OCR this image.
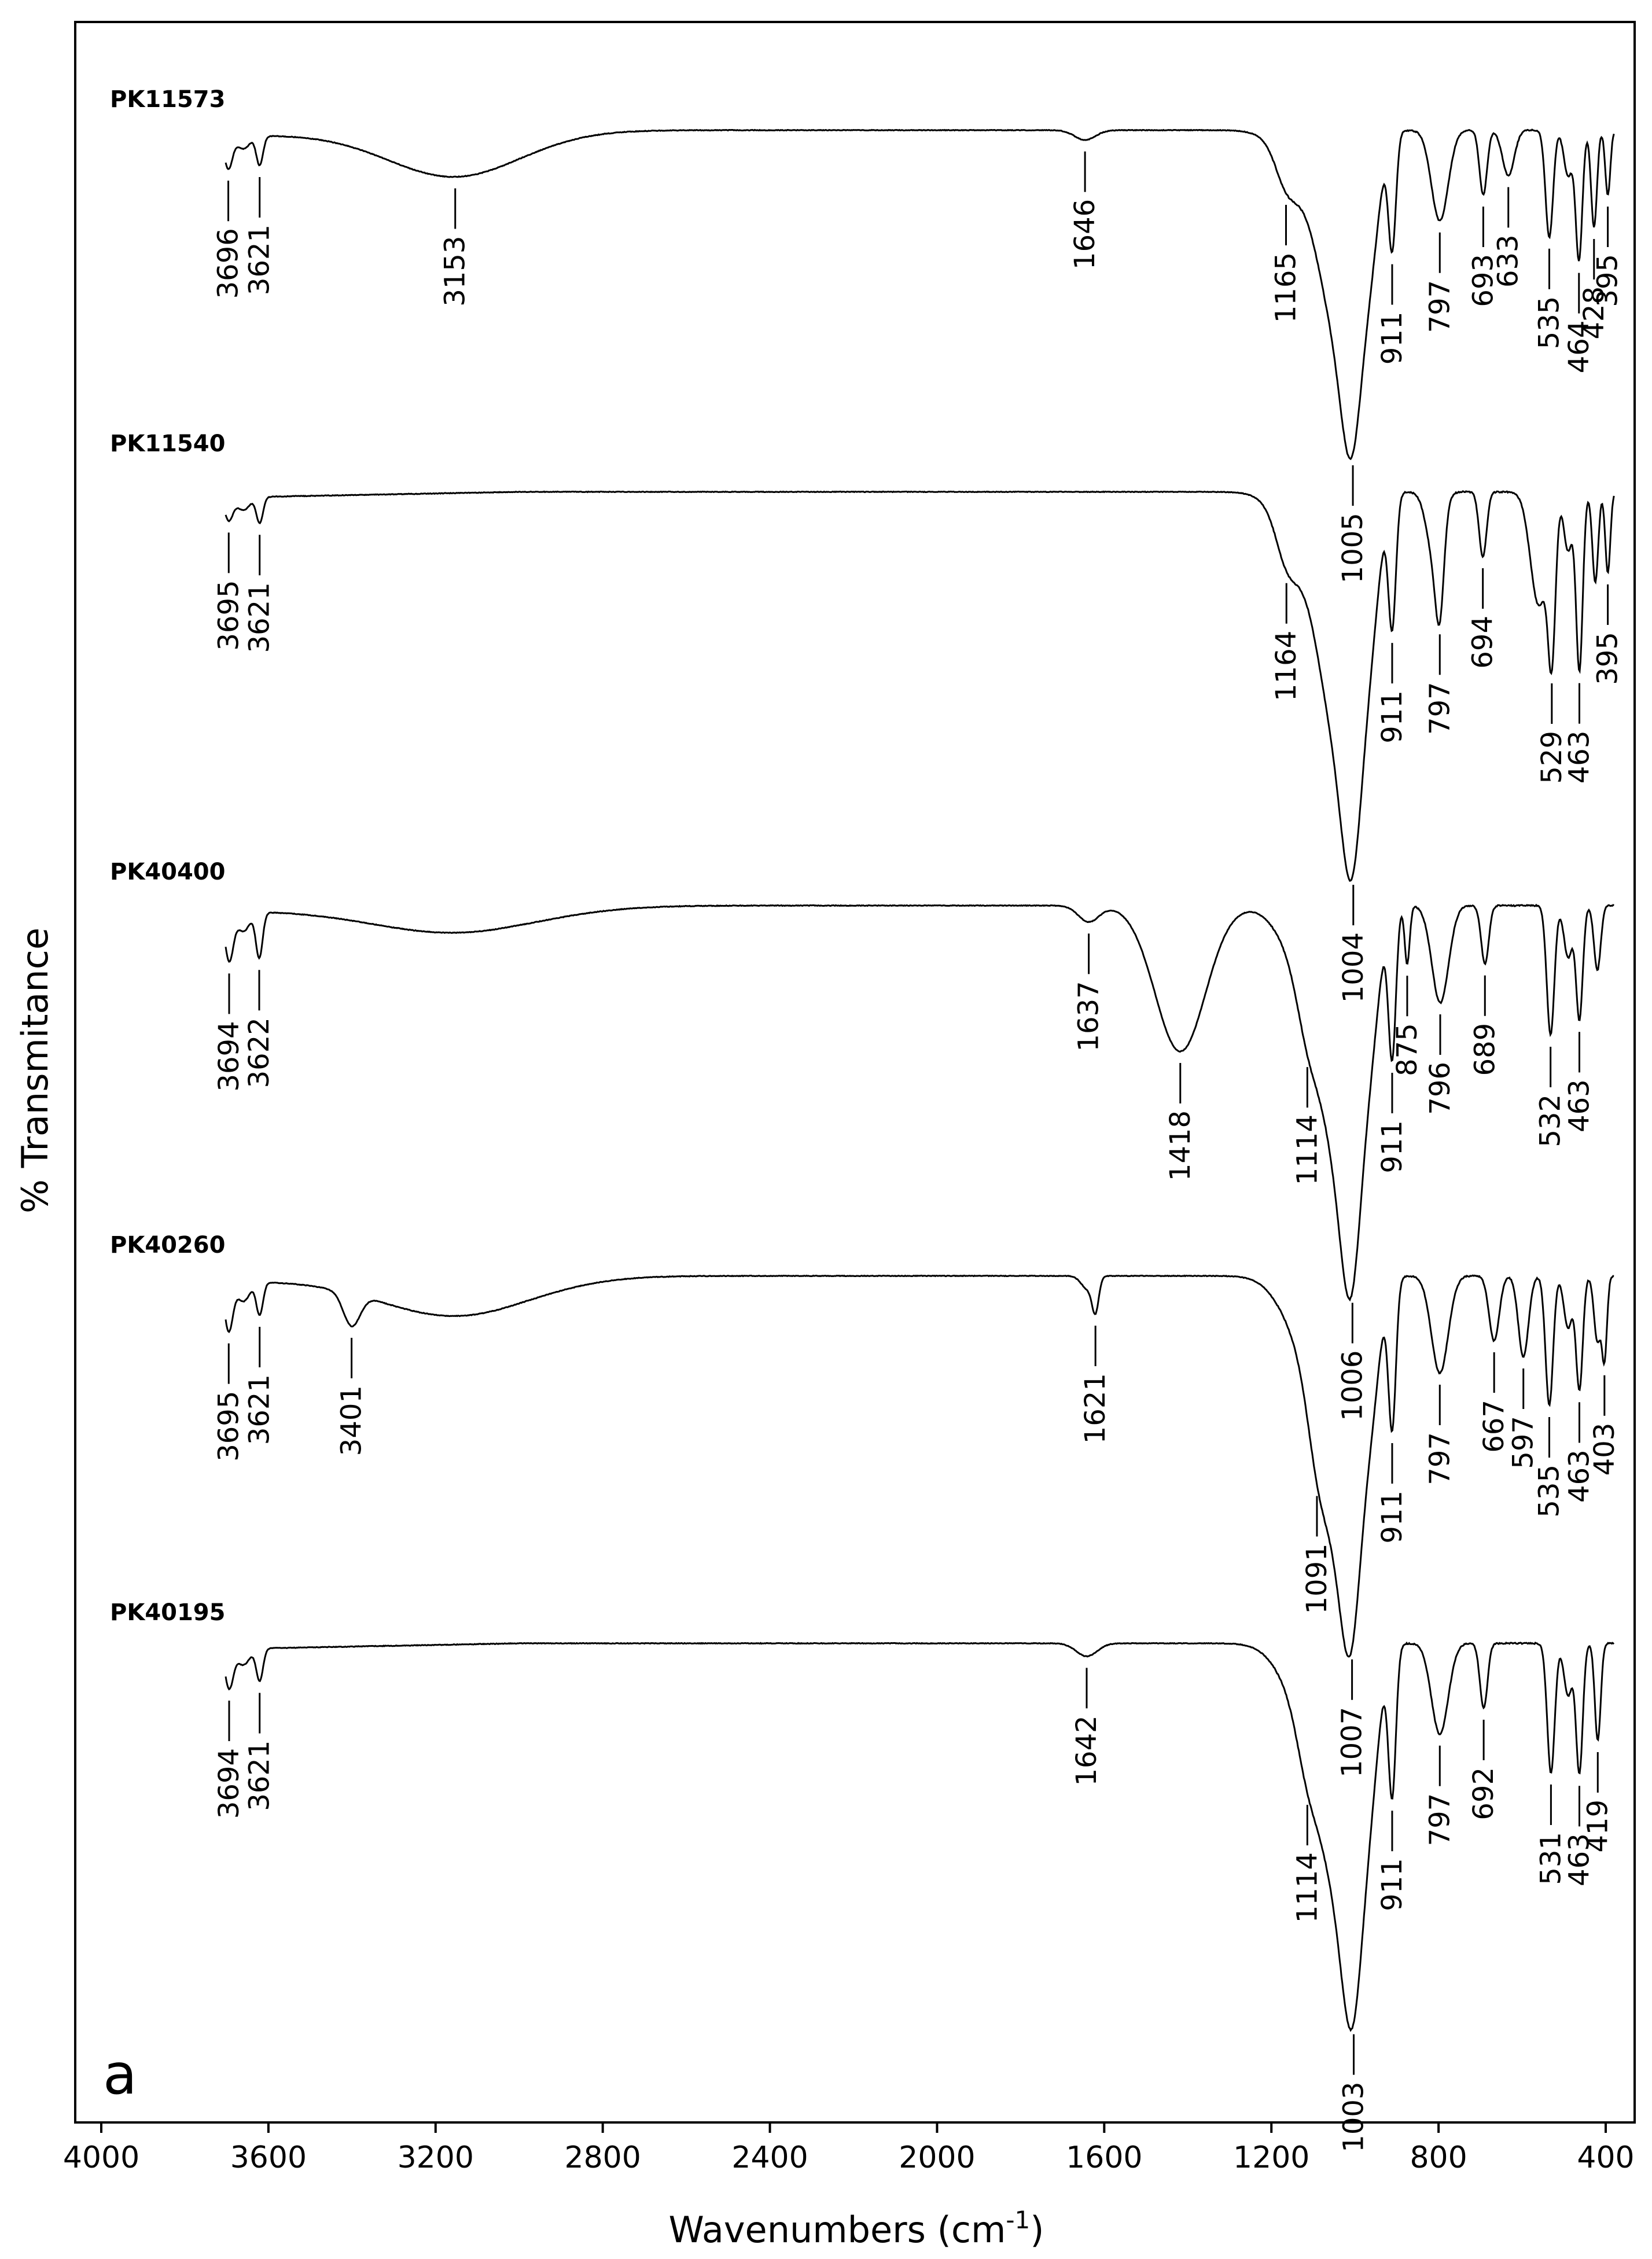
PK11573
3696
3621	3153
1646
1165
1005
911
797 693
633
535
464
428
395
PK11540
3695
3621
1164
1004
911 797
694
529
463
395
PK40400
3694
3622
1637
1418	1114
1006
911
875
796
689
532
463
PK40260
3695
3621 3401	1621
1091
1007
911
797
667
597
535
463
403
PK40195
3694
3621	1642
1114
1003
911
797 692
531
463
419
4000	3600	3200	2800	2400	2000	1600	1200	800	400
a
% Transmitance
Wavenumbers $(cm^{-1})$
